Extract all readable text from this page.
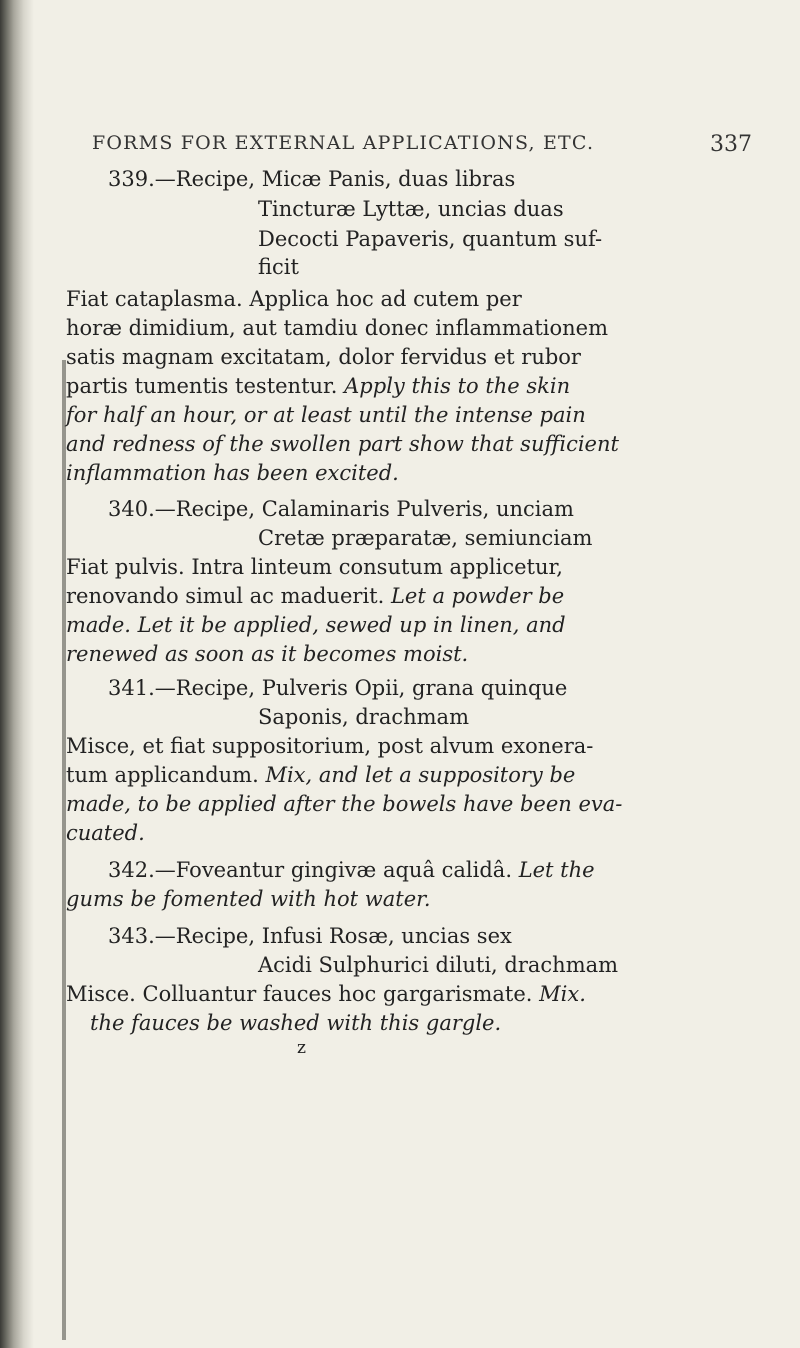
FORMS FOR EXTERNAL APPLICATIONS, ETC.	337
339.—Recipe, Micæ Panis, duas libras
Tincturæ Lyttæ, uncias duas
Decocti Papaveris, quantum suf-
ficit
Fiat cataplasma. Applica hoc ad cutem per
horæ dimidium, aut tamdiu donec inflammationem
satis magnam excitatam, dolor fervidus et rubor
partis tumentis testentur. Apply this to the skin
for half an hour, or at least until the intense pain
and redness of the swollen part show that sufficient
inflammation has been excited.
340.—Recipe, Calaminaris Pulveris, unciam
Cretæ præparatæ, semiunciam
Fiat pulvis. Intra linteum consutum applicetur,
renovando simul ac maduerit. Let a powder be
made. Let it be applied, sewed up in linen, and
renewed as soon as it becomes moist.
341.—Recipe, Pulveris Opii, grana quinque
Saponis, drachmam
Misce, et fiat suppositorium, post alvum exonera-
tum applicandum. Mix, and let a suppository be
made, to be applied after the bowels have been eva-
cuated.
342.—Foveantur gingivæ aquâ calidâ. Let the
gums be fomented with hot water.
343.—Recipe, Infusi Rosæ, uncias sex
Acidi Sulphurici diluti, drachmam
Misce. Colluantur fauces hoc gargarismate. Mix.
the fauces be washed with this gargle.
z
